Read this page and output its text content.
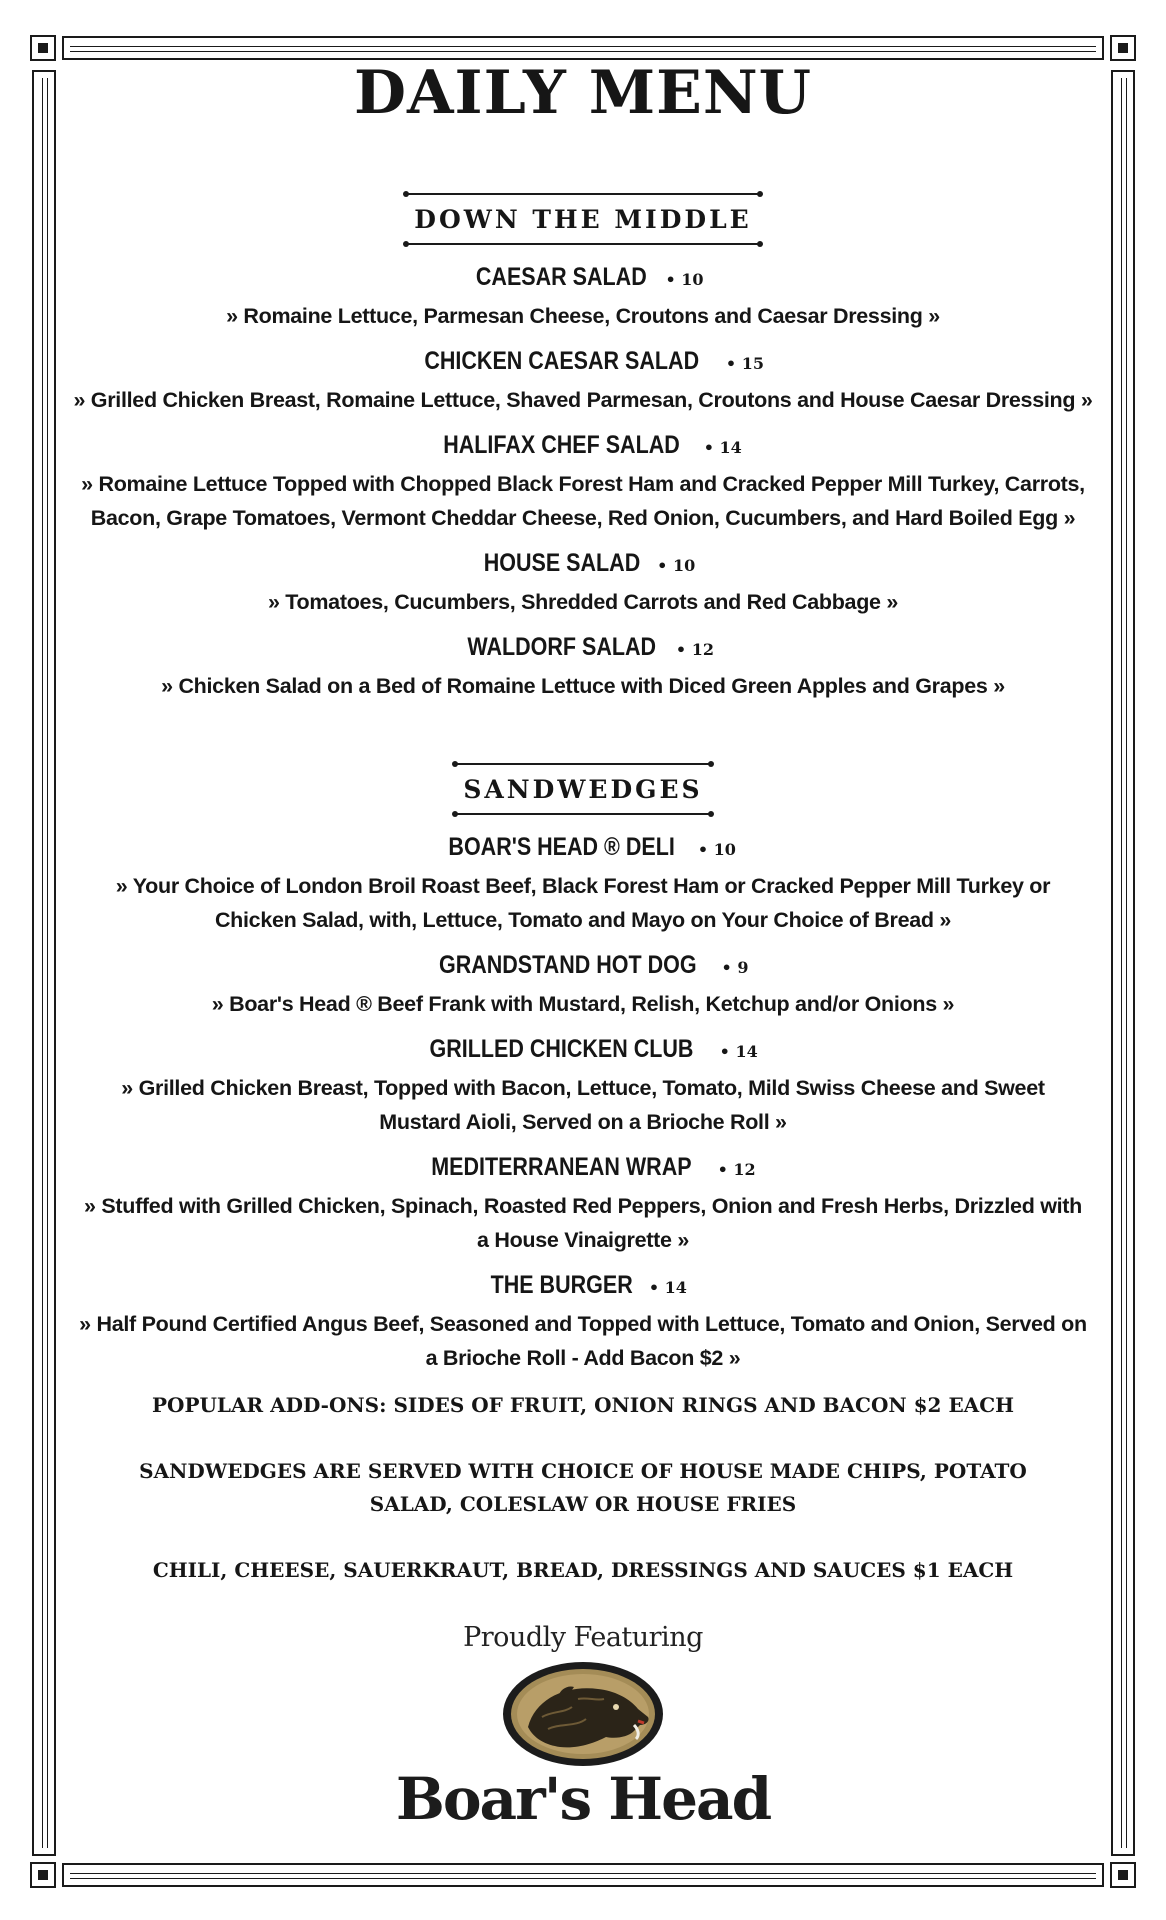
DAILY MENU
DOWN THE MIDDLE
CAESAR SALAD • 10
» Romaine Lettuce, Parmesan Cheese, Croutons and Caesar Dressing »
CHICKEN CAESAR SALAD • 15
» Grilled Chicken Breast, Romaine Lettuce, Shaved Parmesan, Croutons and House Caesar Dressing »
HALIFAX CHEF SALAD • 14
» Romaine Lettuce Topped with Chopped Black Forest Ham and Cracked Pepper Mill Turkey, Carrots, Bacon, Grape Tomatoes, Vermont Cheddar Cheese, Red Onion, Cucumbers, and Hard Boiled Egg »
HOUSE SALAD • 10
» Tomatoes, Cucumbers, Shredded Carrots and Red Cabbage »
WALDORF SALAD • 12
» Chicken Salad on a Bed of Romaine Lettuce with Diced Green Apples and Grapes »
SANDWEDGES
BOAR'S HEAD ® DELI • 10
» Your Choice of London Broil Roast Beef, Black Forest Ham or Cracked Pepper Mill Turkey or Chicken Salad, with, Lettuce, Tomato and Mayo on Your Choice of Bread »
GRANDSTAND HOT DOG • 9
» Boar's Head ® Beef Frank with Mustard, Relish, Ketchup and/or Onions »
GRILLED CHICKEN CLUB • 14
» Grilled Chicken Breast, Topped with Bacon, Lettuce, Tomato, Mild Swiss Cheese and Sweet Mustard Aioli, Served on a Brioche Roll »
MEDITERRANEAN WRAP • 12
» Stuffed with Grilled Chicken, Spinach, Roasted Red Peppers, Onion and Fresh Herbs, Drizzled with a House Vinaigrette »
THE BURGER • 14
» Half Pound Certified Angus Beef, Seasoned and Topped with Lettuce, Tomato and Onion, Served on a Brioche Roll - Add Bacon $2 »

POPULAR ADD-ONS: SIDES OF FRUIT, ONION RINGS AND BACON $2 EACH

SANDWEDGES ARE SERVED WITH CHOICE OF HOUSE MADE CHIPS, POTATO SALAD, COLESLAW OR HOUSE FRIES

CHILI, CHEESE, SAUERKRAUT, BREAD, DRESSINGS AND SAUCES $1 EACH

Proudly Featuring
Boar's Head
